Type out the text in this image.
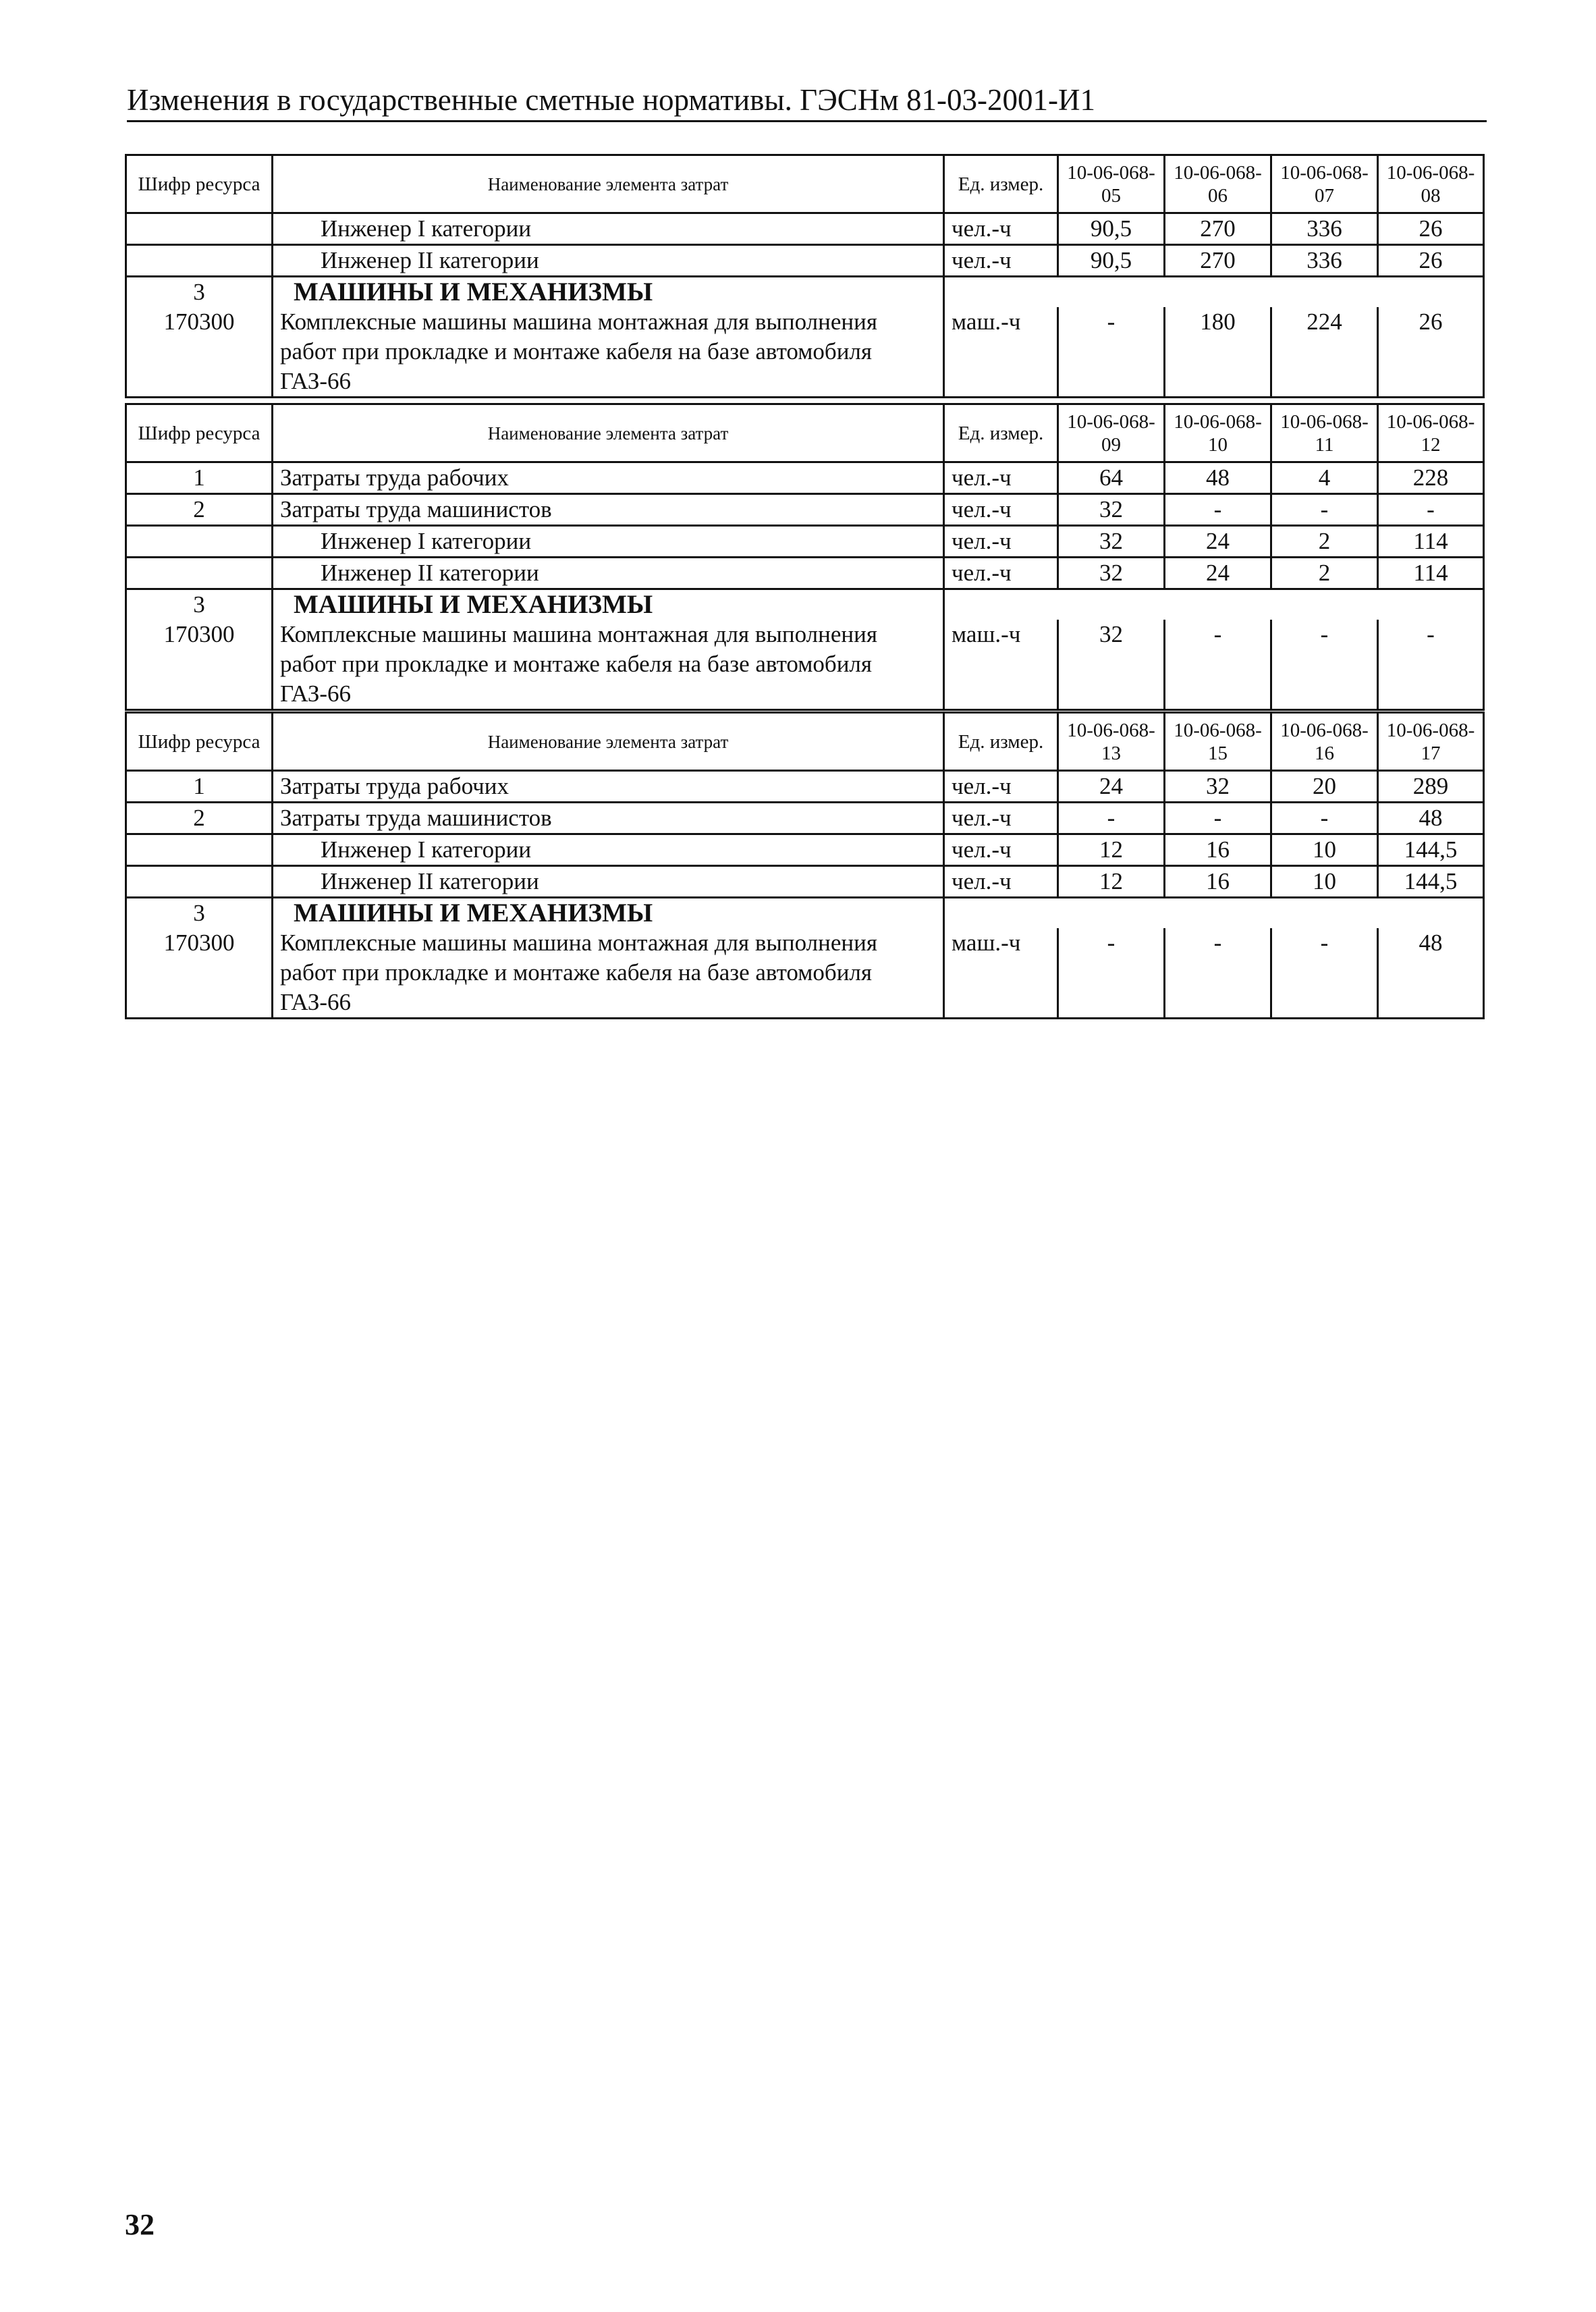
Изменения в государственные сметные нормативы. ГЭСНм 81-03-2001-И1
Шифр ресурса	Наименование элемента затрат	Ед. измер.	10-06-068-05	10-06-068-06	10-06-068-07	10-06-068-08
	Инженер I категории	чел.-ч	90,5	270	336	26
	Инженер II категории	чел.-ч	90,5	270	336	26
3	МАШИНЫ И МЕХАНИЗМЫ					
170300	Комплексные машины машина монтажная для выполнения работ при прокладке и монтаже кабеля на базе автомобиля ГАЗ-66	маш.-ч	-	180	224	26
Шифр ресурса	Наименование элемента затрат	Ед. измер.	10-06-068-09	10-06-068-10	10-06-068-11	10-06-068-12
1	Затраты труда рабочих	чел.-ч	64	48	4	228
2	Затраты труда машинистов	чел.-ч	32	-	-	-
	Инженер I категории	чел.-ч	32	24	2	114
	Инженер II категории	чел.-ч	32	24	2	114
3	МАШИНЫ И МЕХАНИЗМЫ					
170300	Комплексные машины машина монтажная для выполнения работ при прокладке и монтаже кабеля на базе автомобиля ГАЗ-66	маш.-ч	32	-	-	-
Шифр ресурса	Наименование элемента затрат	Ед. измер.	10-06-068-13	10-06-068-15	10-06-068-16	10-06-068-17
1	Затраты труда рабочих	чел.-ч	24	32	20	289
2	Затраты труда машинистов	чел.-ч	-	-	-	48
	Инженер I категории	чел.-ч	12	16	10	144,5
	Инженер II категории	чел.-ч	12	16	10	144,5
3	МАШИНЫ И МЕХАНИЗМЫ					
170300	Комплексные машины машина монтажная для выполнения работ при прокладке и монтаже кабеля на базе автомобиля ГАЗ-66	маш.-ч	-	-	-	48
32
